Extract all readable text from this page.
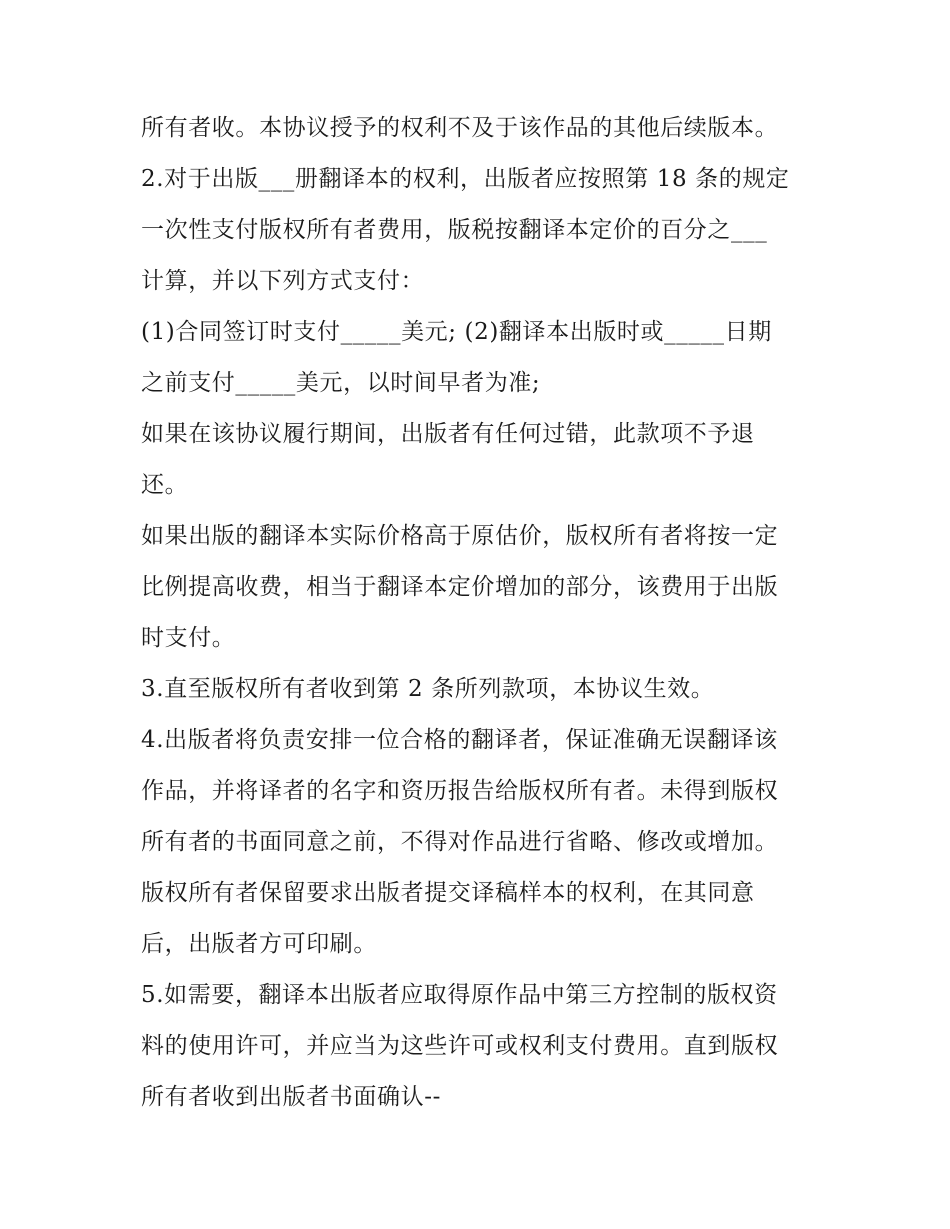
所有者收。本协议授予的权利不及于该作品的其他后续版本。
2.对于出版___册翻译本的权利，出版者应按照第 18 条的规定
一次性支付版权所有者费用，版税按翻译本定价的百分之___
计算，并以下列方式支付：
(1)合同签订时支付_____美元; (2)翻译本出版时或_____日期
之前支付_____美元，以时间早者为准;
如果在该协议履行期间，出版者有任何过错，此款项不予退
还。
如果出版的翻译本实际价格高于原估价，版权所有者将按一定
比例提高收费，相当于翻译本定价增加的部分，该费用于出版
时支付。
3.直至版权所有者收到第 2 条所列款项，本协议生效。
4.出版者将负责安排一位合格的翻译者，保证准确无误翻译该
作品，并将译者的名字和资历报告给版权所有者。未得到版权
所有者的书面同意之前，不得对作品进行省略、修改或增加。
版权所有者保留要求出版者提交译稿样本的权利，在其同意
后，出版者方可印刷。
5.如需要，翻译本出版者应取得原作品中第三方控制的版权资
料的使用许可，并应当为这些许可或权利支付费用。直到版权
所有者收到出版者书面确认--
